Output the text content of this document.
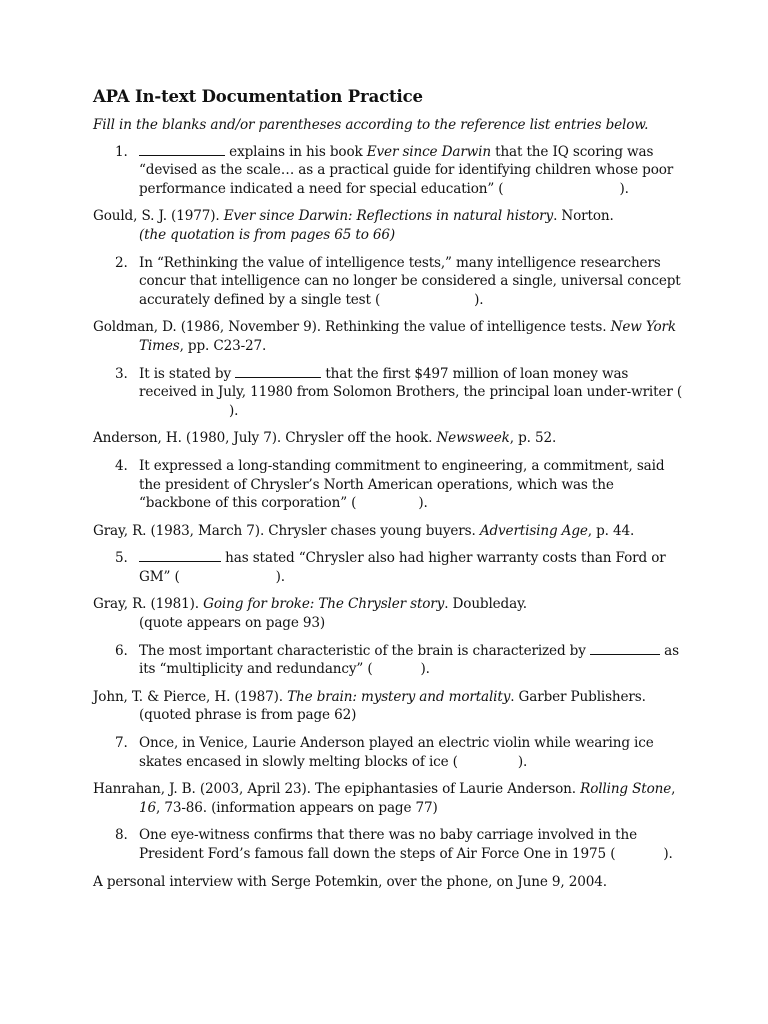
APA In-text Documentation Practice
Fill in the blanks and/or parentheses according to the reference list entries below.
1.	explains in his book Ever since Darwin that the IQ scoring was “devised as the scale… as a practical guide for identifying children whose poor performance indicated a need for special education” (	).
Gould, S. J. (1977). Ever since Darwin: Reflections in natural history. Norton.
(the quotation is from pages 65 to 66)
2. In “Rethinking the value of intelligence tests,” many intelligence researchers concur that intelligence can no longer be considered a single, universal concept accurately defined by a single test (	).
Goldman, D. (1986, November 9). Rethinking the value of intelligence tests. New York Times, pp. C23-27.
3. It is stated by	that the first $497 million of loan money was received in July, 11980 from Solomon Brothers, the principal loan under-writer ().
Anderson, H. (1980, July 7). Chrysler off the hook. Newsweek, p. 52.
4. It expressed a long-standing commitment to engineering, a commitment, said the president of Chrysler’s North American operations, which was the “backbone of this corporation” (	).
Gray, R. (1983, March 7). Chrysler chases young buyers. Advertising Age, p. 44.
5.	has stated “Chrysler also had higher warranty costs than Ford or GM” (	).
Gray, R. (1981). Going for broke: The Chrysler story. Doubleday.
(quote appears on page 93)
6. The most important characteristic of the brain is characterized by	as its “multiplicity and redundancy” (	).
John, T. & Pierce, H. (1987). The brain: mystery and mortality. Garber Publishers.
(quoted phrase is from page 62)
7. Once, in Venice, Laurie Anderson played an electric violin while wearing ice skates encased in slowly melting blocks of ice (	).
Hanrahan, J. B. (2003, April 23). The epiphantasies of Laurie Anderson. Rolling Stone, 16, 73-86. (information appears on page 77)
8. One eye-witness confirms that there was no baby carriage involved in the President Ford’s famous fall down the steps of Air Force One in 1975 (	).
A personal interview with Serge Potemkin, over the phone, on June 9, 2004.
